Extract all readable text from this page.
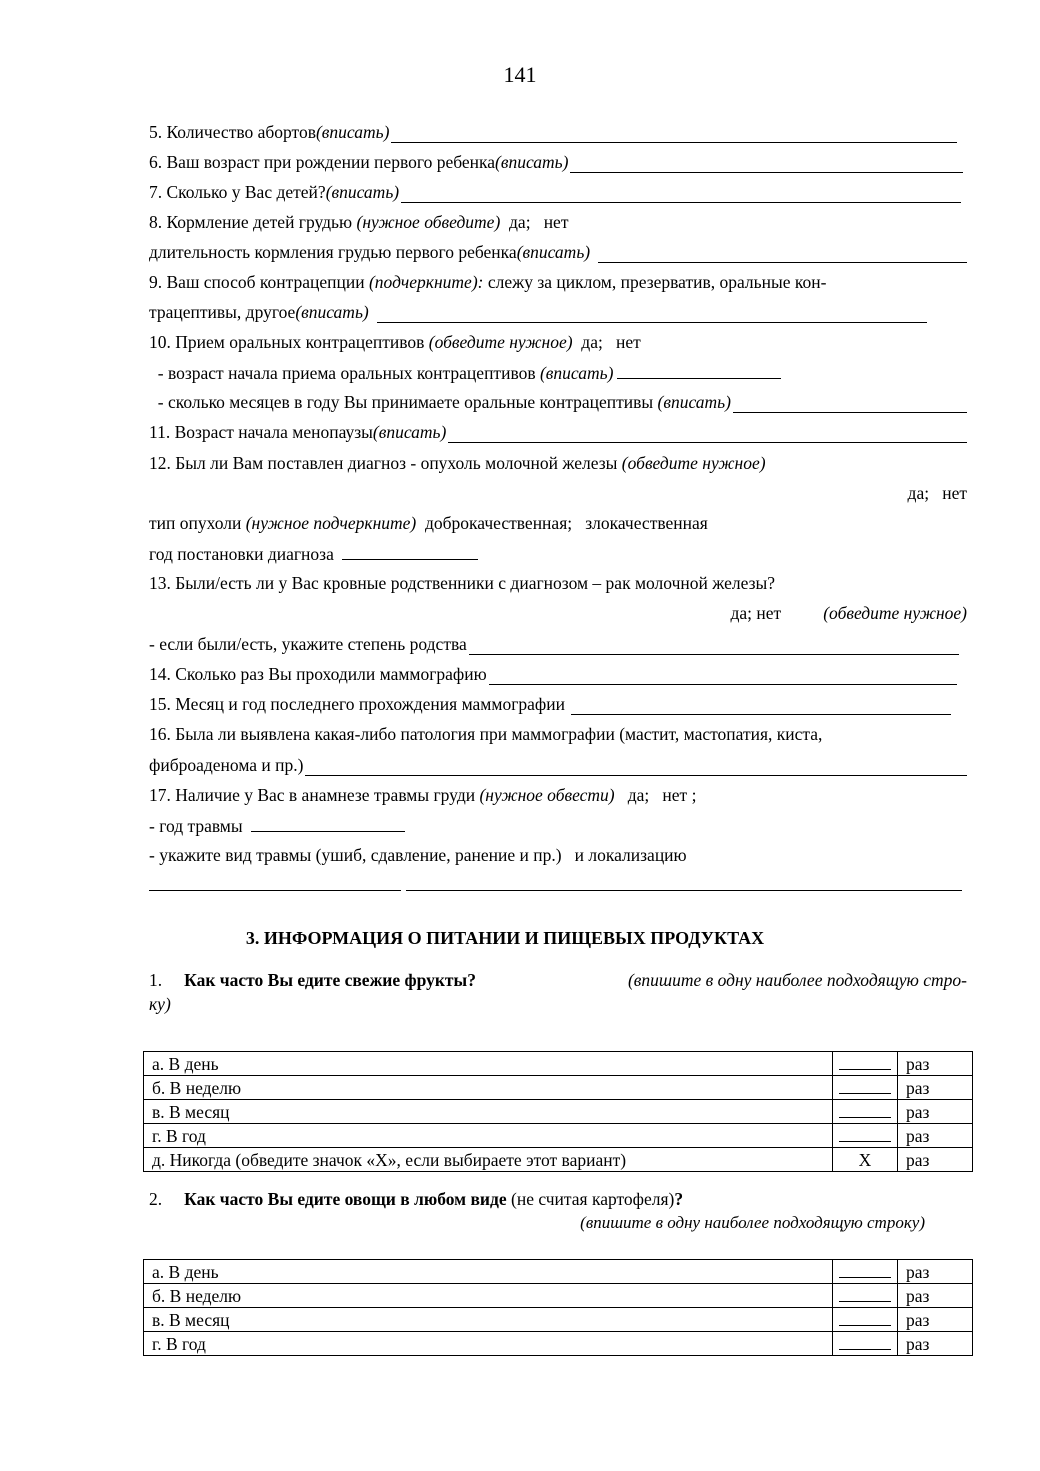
141
5. Количество абортов (вписать)
6. Ваш возраст при рождении первого ребенка (вписать)
7. Сколько у Вас детей? (вписать)
8. Кормление детей грудью (нужное обведите)  да;   нет
длительность кормления грудью первого ребенка (вписать)
9. Ваш способ контрацепции (подчеркните): слежу за циклом, презерватив, оральные кон-
трацептивы, другое (вписать)
10. Прием оральных контрацептивов (обведите нужное)  да;   нет
- возраст начала приема оральных контрацептивов (вписать)
- сколько месяцев в году Вы принимаете оральные контрацептивы (вписать)
11. Возраст начала менопаузы (вписать)
12. Был ли Вам поставлен диагноз - опухоль молочной железы (обведите нужное)
да;   нет
тип опухоли (нужное подчеркните)  доброкачественная;   злокачественная
год постановки диагноза
13. Были/есть ли у Вас кровные родственники с диагнозом – рак молочной железы?
да; нет (обведите нужное)
- если были/есть, укажите степень родства
14. Сколько раз Вы проходили маммографию
15. Месяц и год последнего прохождения маммографии
16. Была ли выявлена какая-либо патология при маммографии (мастит, мастопатия, киста,
фиброаденома и пр.)
17. Наличие у Вас в анамнезе травмы груди (нужное обвести)   да;   нет ;
- год травмы
- укажите вид травмы (ушиб, сдавление, ранение и пр.)   и локализацию
3. ИНФОРМАЦИЯ О ПИТАНИИ И ПИЩЕВЫХ ПРОДУКТАХ
1. Как часто Вы едите свежие фрукты?	(впишите в одну наиболее подходящую стро-
ку)
а. В день		раз
б. В неделю		раз
в. В месяц		раз
г. В год		раз
д. Никогда (обведите значок «Х», если выбираете этот вариант)	Х	раз
2. Как часто Вы едите овощи в любом виде (не считая картофеля)?
(впишите в одну наиболее подходящую строку)
а. В день		раз
б. В неделю		раз
в. В месяц		раз
г. В год		раз
